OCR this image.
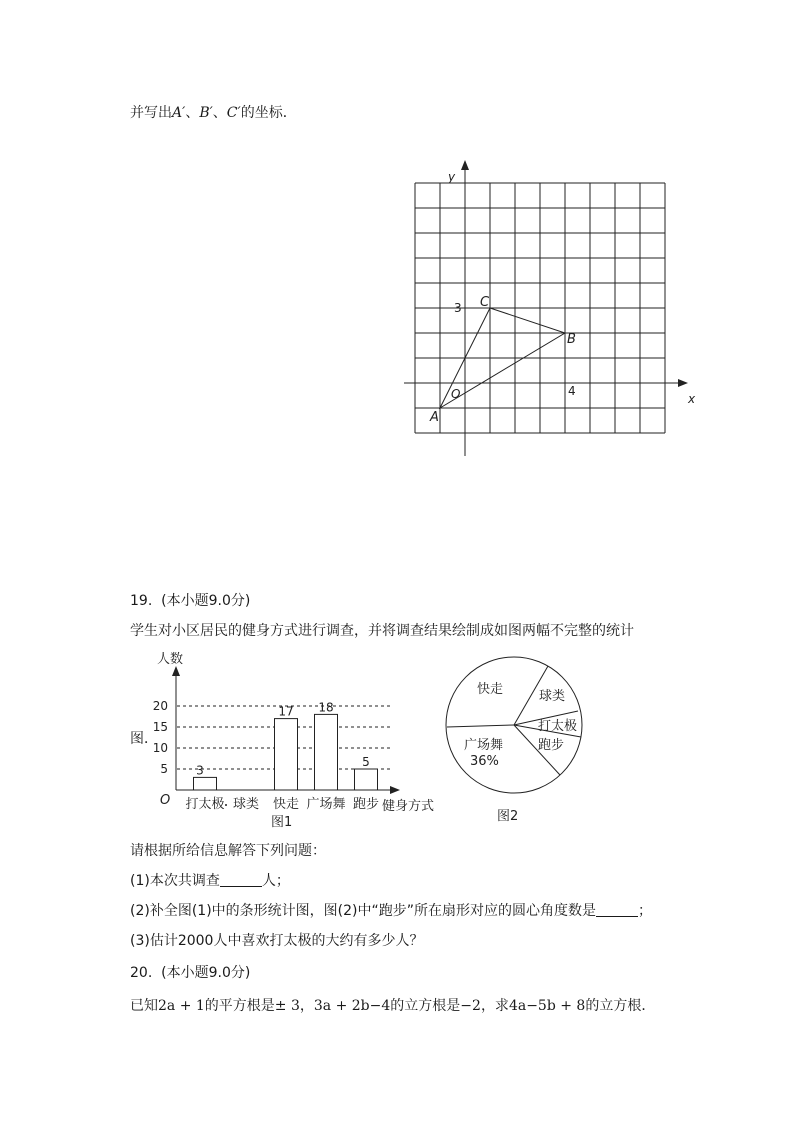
并写出A′、B′、C′的坐标．
x
y
O
3
4
A
B
C
19. (本小题9.0分)
学生对小区居民的健身方式进行调查，并将调查结果绘制成如图两幅不完整的统计
图．
5
10
15
20
3
17 18
5
打太极 球类 快走 广场舞 跑步
人数
O	健身方式
图1
快走	球类
打太极
跑步
广场舞
36%
图2
请根据所给信息解答下列问题：
(1)本次共调查	人；
(2)补全图(1)中的条形统计图，图(2)中“跑步”所在扇形对应的圆心角度数是	；
(3)估计2000人中喜欢打太极的大约有多少人？
20. (本小题9.0分)
已知2a + 1的平方根是± 3，3a + 2b−4的立方根是−2，求4a−5b + 8的立方根．
